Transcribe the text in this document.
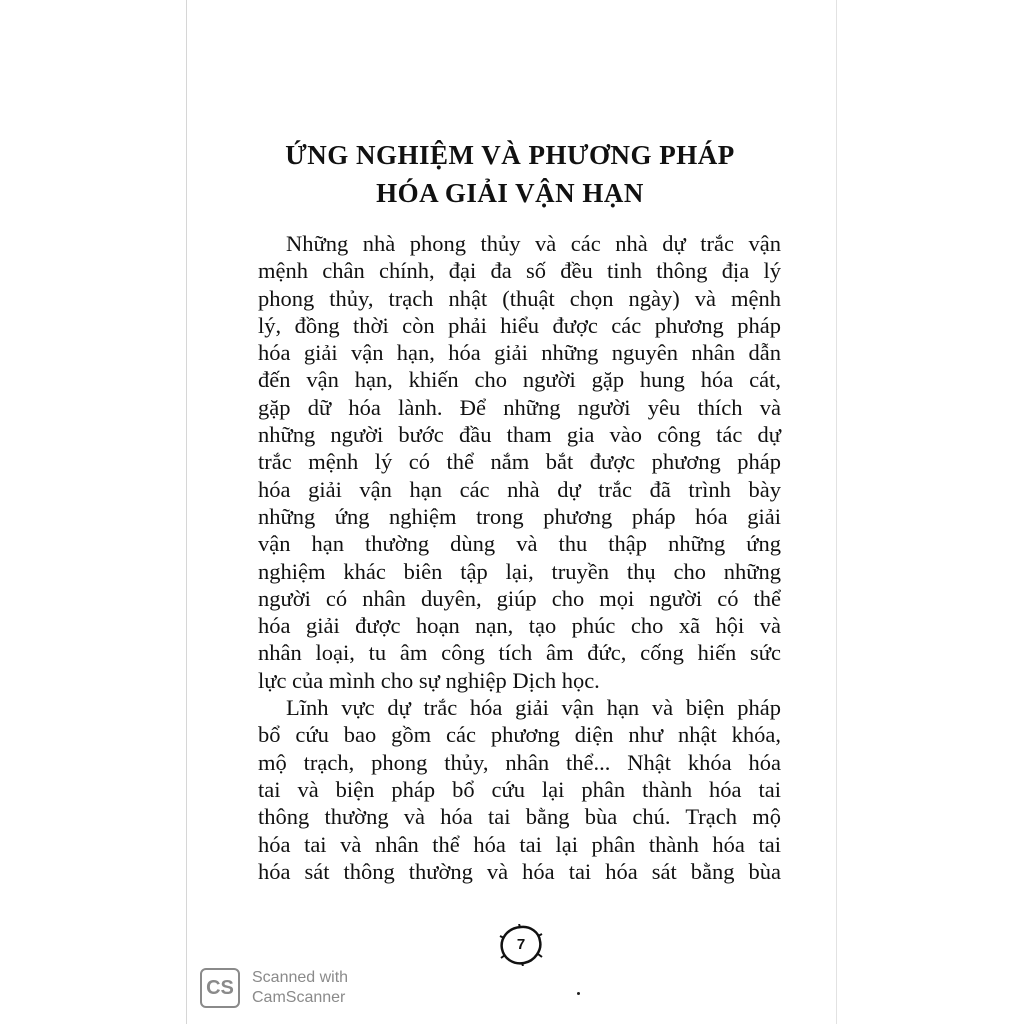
ỨNG NGHIỆM VÀ PHƯƠNG PHÁP
HÓA GIẢI VẬN HẠN
Những nhà phong thủy và các nhà dự trắc vận
mệnh chân chính, đại đa số đều tinh thông địa lý
phong thủy, trạch nhật (thuật chọn ngày) và mệnh
lý, đồng thời còn phải hiểu được các phương pháp
hóa giải vận hạn, hóa giải những nguyên nhân dẫn
đến vận hạn, khiến cho người gặp hung hóa cát,
gặp dữ hóa lành. Để những người yêu thích và
những người bước đầu tham gia vào công tác dự
trắc mệnh lý có thể nắm bắt được phương pháp
hóa giải vận hạn các nhà dự trắc đã trình bày
những ứng nghiệm trong phương pháp hóa giải
vận hạn thường dùng và thu thập những ứng
nghiệm khác biên tập lại, truyền thụ cho những
người có nhân duyên, giúp cho mọi người có thể
hóa giải được hoạn nạn, tạo phúc cho xã hội và
nhân loại, tu âm công tích âm đức, cống hiến sức
lực của mình cho sự nghiệp Dịch học.
Lĩnh vực dự trắc hóa giải vận hạn và biện pháp
bổ cứu bao gồm các phương diện như nhật khóa,
mộ trạch, phong thủy, nhân thể... Nhật khóa hóa
tai và biện pháp bổ cứu lại phân thành hóa tai
thông thường và hóa tai bằng bùa chú. Trạch mộ
hóa tai và nhân thể hóa tai lại phân thành hóa tai
hóa sát thông thường và hóa tai hóa sát bằng bùa
7
CS	Scanned with
CamScanner
